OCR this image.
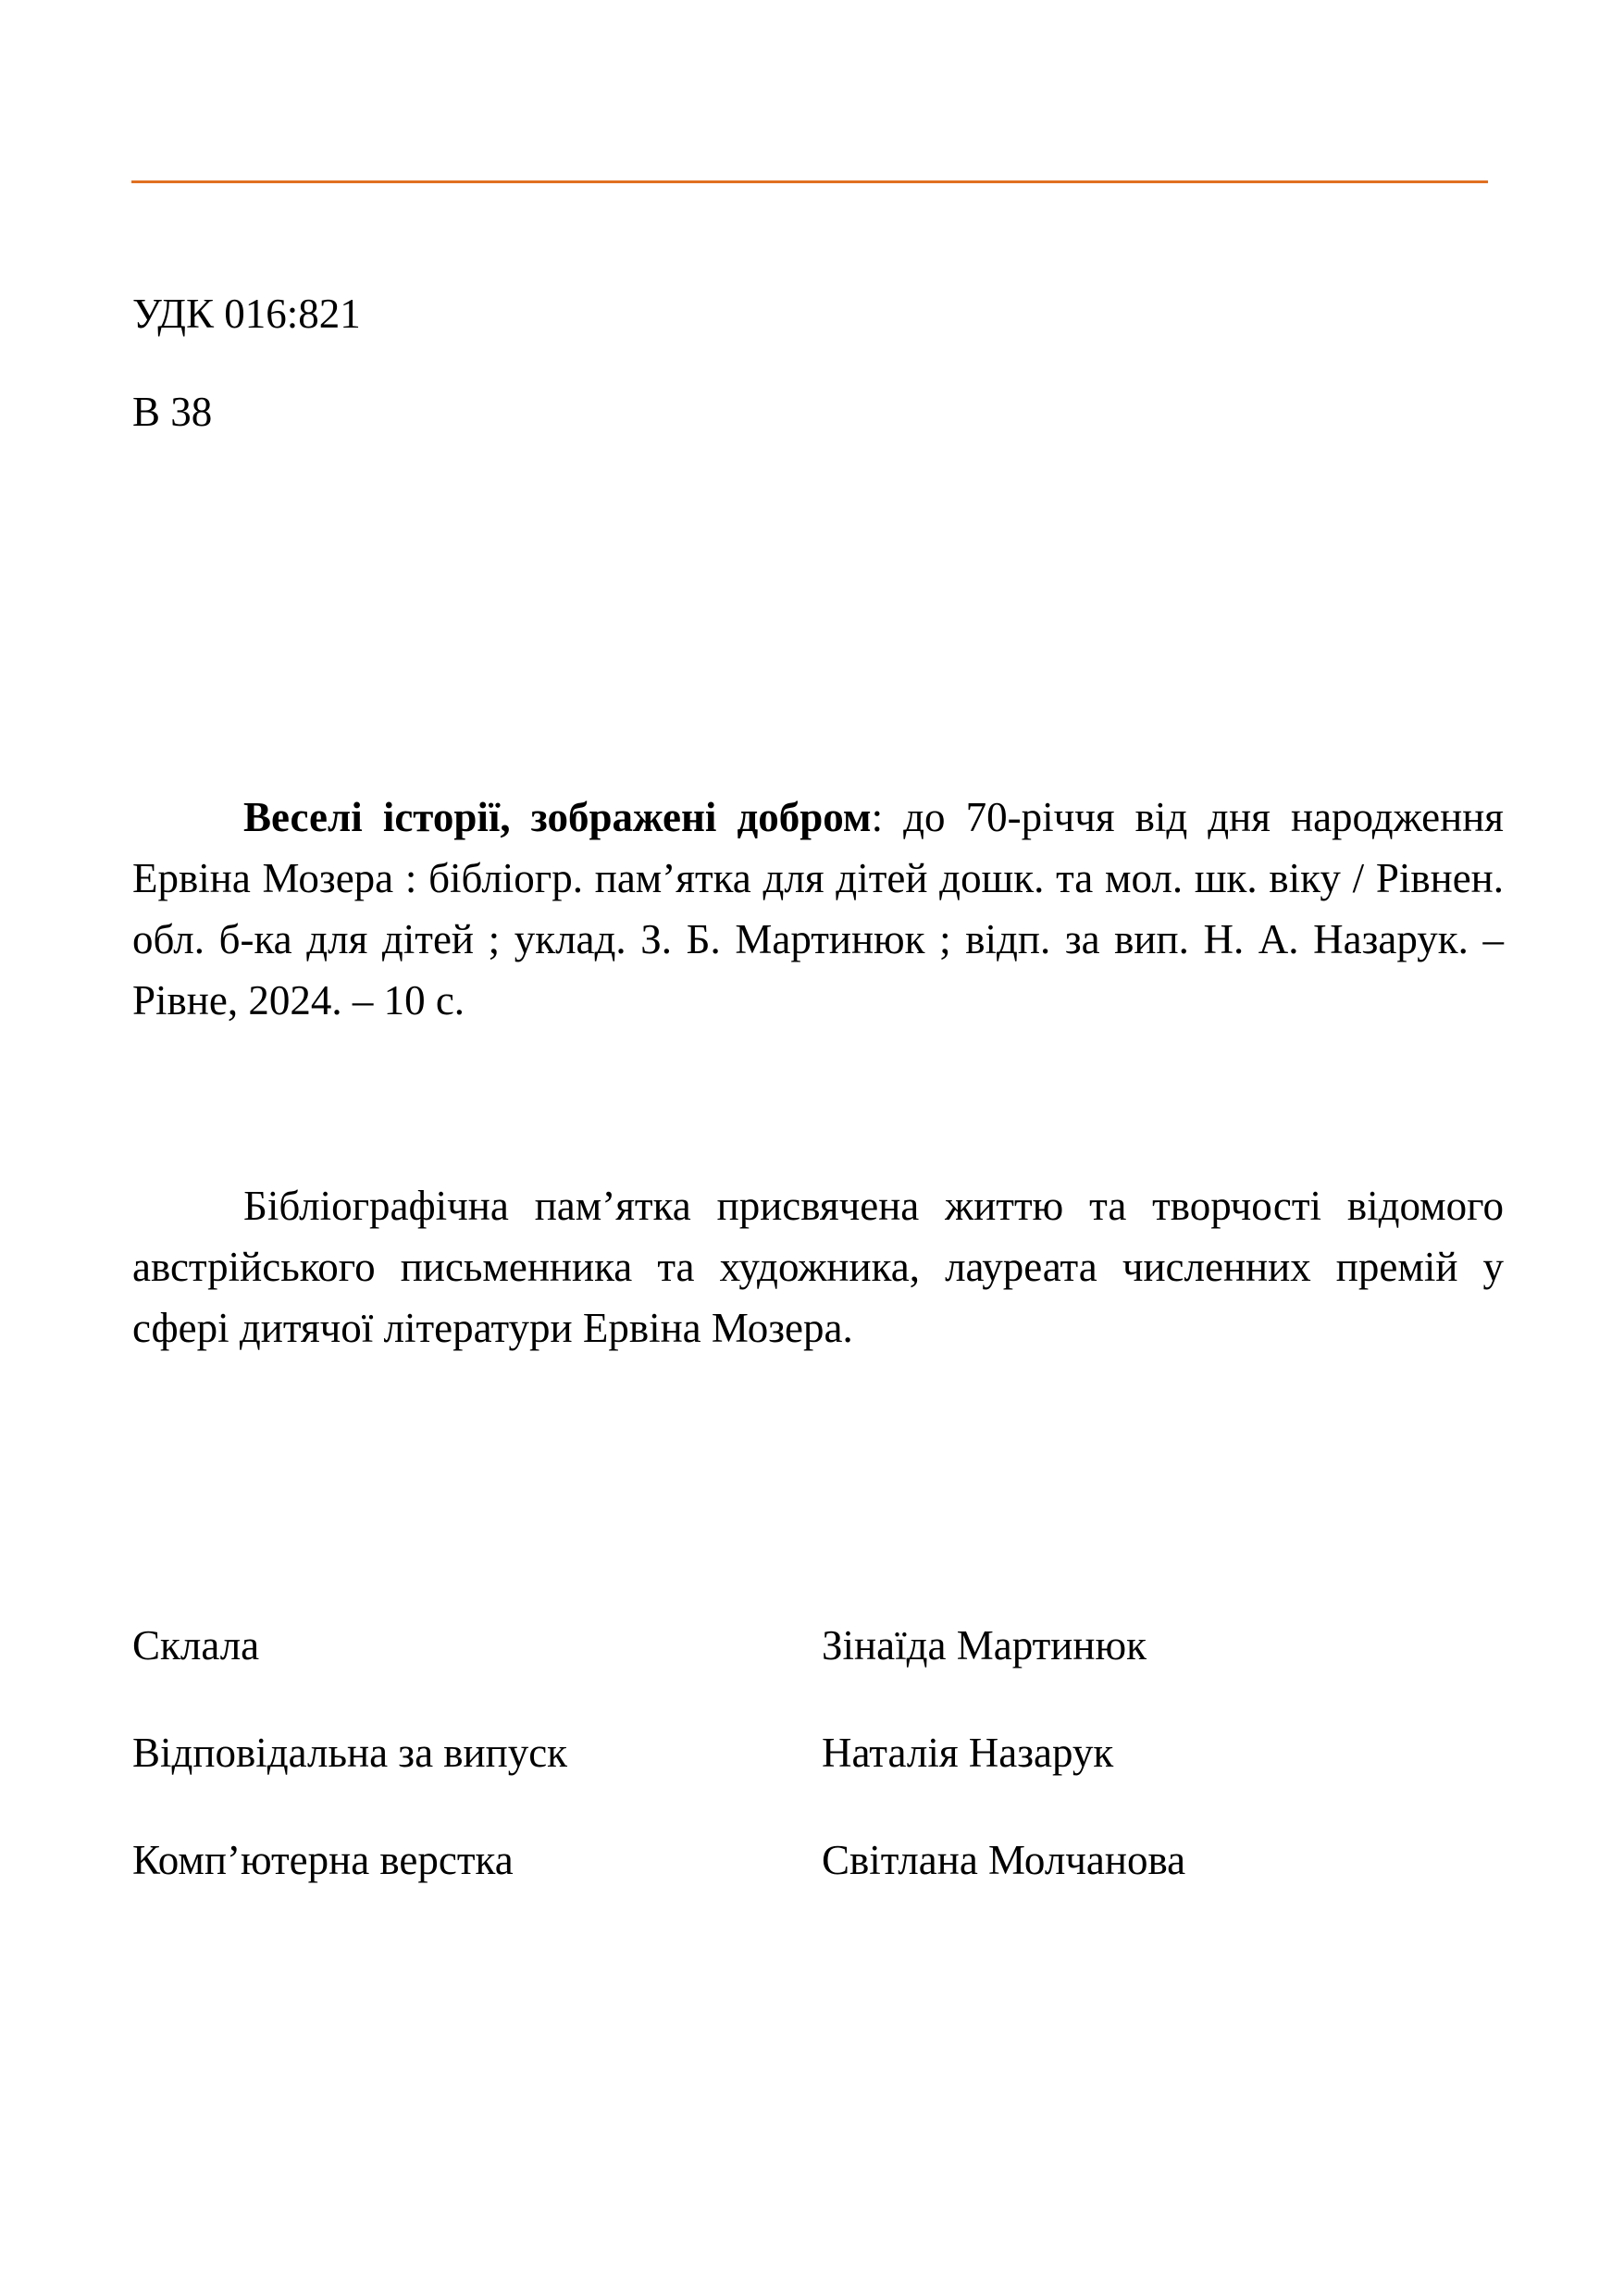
УДК 016:821
В 38

Веселі історії, зображені добром: до 70-річчя від дня народження Ервіна Мозера : бібліогр. пам’ятка для дітей дошк. та мол. шк. віку / Рівнен. обл. б-ка для дітей ; уклад. З. Б. Мартинюк ; відп. за вип. Н. А. Назарук. – Рівне, 2024. – 10 с.

Бібліографічна пам’ятка присвячена життю та творчості відомого австрійського письменника та художника, лауреата численних премій у сфері дитячої літератури Ервіна Мозера.

Склала	Зінаїда Мартинюк
Відповідальна за випуск	Наталія Назарук
Комп’ютерна верстка	Світлана Молчанова
